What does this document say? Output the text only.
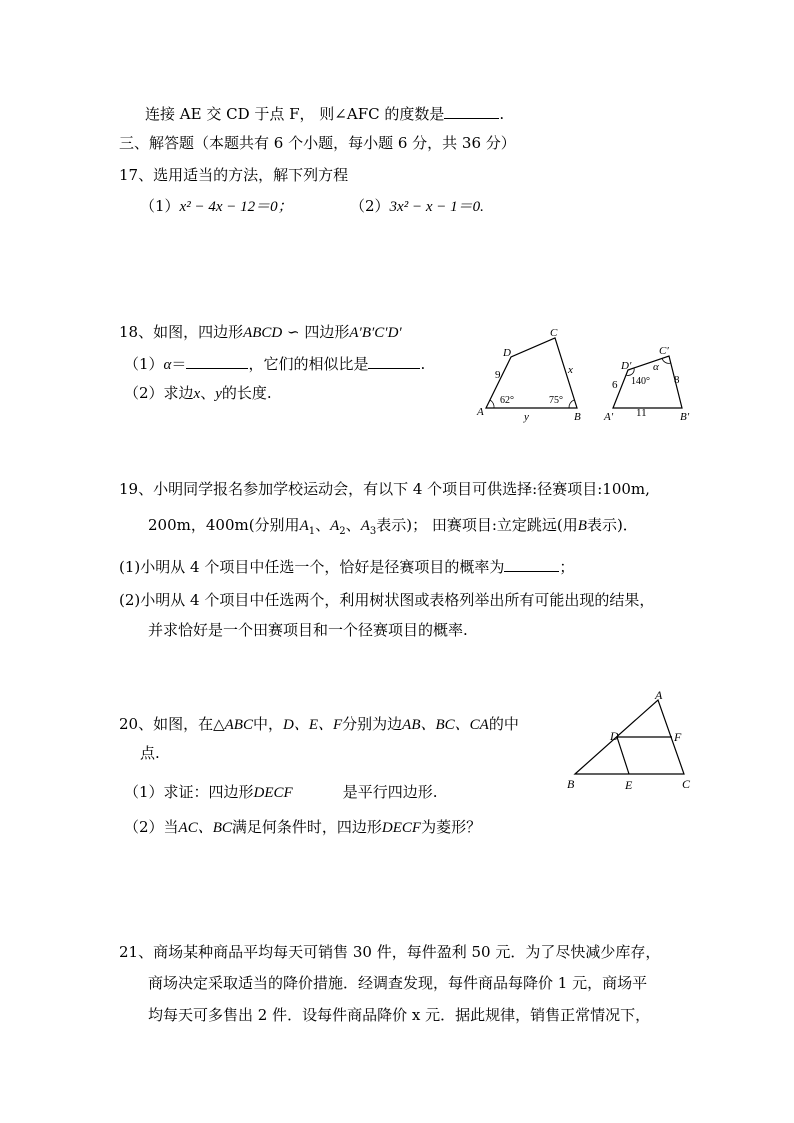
连接 AE 交 CD 于点 F， 则∠AFC 的度数是	.
三、解答题（本题共有 6 个小题，每小题 6 分，共 36 分）
17、选用适当的方法，解下列方程
（1）x² − 4x − 12＝0；	（2）3x² − x − 1＝0.
18、如图，四边形ABCD ∽ 四边形A′B′C′D′
（1）α＝	，它们的相似比是	.
（2）求边x、y的长度.
A	B
C
D
9	x
y
62°	75°
A′	B′
C′
D′
6	8
11
140°
α
19、小明同学报名参加学校运动会，有以下 4 个项目可供选择:径赛项目:100m,
200m，400m(分别用$A_1$、$A_2$、$A_3$表示)； 田赛项目:立定跳远(用B表示)．
(1)小明从 4 个项目中任选一个，恰好是径赛项目的概率为	；
(2)小明从 4 个项目中任选两个，利用树状图或表格列举出所有可能出现的结果，
并求恰好是一个田赛项目和一个径赛项目的概率.
20、如图，在△ABC中，D、E、F分别为边AB、BC、CA的中
点.
（1）求证：四边形DECF	是平行四边形.
（2）当AC、BC满足何条件时，四边形DECF为菱形？
A
B	C
D
E
F
21、商场某种商品平均每天可销售 30 件，每件盈利 50 元．为了尽快减少库存，
商场决定采取适当的降价措施．经调查发现，每件商品每降价 1 元，商场平
均每天可多售出 2 件．设每件商品降价 x 元．据此规律，销售正常情况下，
